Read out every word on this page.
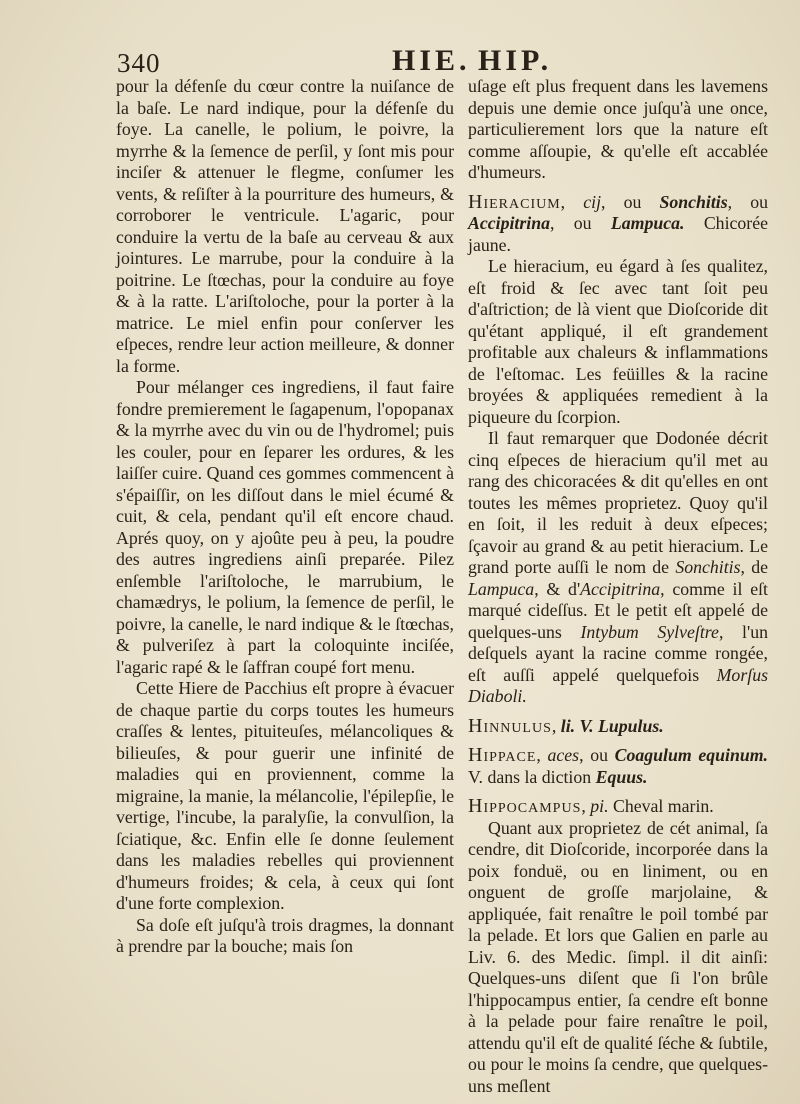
340	HIE. HIP.

pour la défenſe du cœur contre la nuiſance de la baſe. Le nard indique, pour la défenſe du foye. La canelle, le polium, le poivre, la myrrhe & la ſemence de perſil, y ſont mis pour inciſer & attenuer le flegme, conſumer les vents, & reſiſter à la pourriture des humeurs, & corroborer le ventricule. L'agaric, pour conduire la vertu de la baſe au cerveau & aux jointures. Le marrube, pour la conduire à la poitrine. Le ſtœchas, pour la conduire au foye & à la ratte. L'ariſtoloche, pour la porter à la matrice. Le miel enfin pour conſerver les eſpeces, rendre leur action meilleure, & donner la forme.

Pour mélanger ces ingrediens, il faut faire fondre premierement le ſagapenum, l'opopanax & la myrrhe avec du vin ou de l'hydromel; puis les couler, pour en ſeparer les ordures, & les laiſſer cuire. Quand ces gommes commencent à s'épaiſſir, on les diſſout dans le miel écumé & cuit, & cela, pendant qu'il eſt encore chaud. Aprés quoy, on y ajoûte peu à peu, la poudre des autres ingrediens ainſi preparée. Pilez enſemble l'ariſtoloche, le marrubium, le chamædrys, le polium, la ſemence de perſil, le poivre, la canelle, le nard indique & le ſtœchas, & pulveriſez à part la coloquinte inciſée, l'agaric rapé & le ſaffran coupé fort menu.

Cette Hiere de Pacchius eſt propre à évacuer de chaque partie du corps toutes les humeurs craſſes & lentes, pituiteuſes, mélancoliques & bilieuſes, & pour guerir une infinité de maladies qui en proviennent, comme la migraine, la manie, la mélancolie, l'épilepſie, le vertige, l'incube, la paralyſie, la convulſion, la ſciatique, &c. Enfin elle ſe donne ſeulement dans les maladies rebelles qui proviennent d'humeurs froides; & cela, à ceux qui ſont d'une forte complexion.

Sa doſe eſt juſqu'à trois dragmes, la donnant à prendre par la bouche; mais ſon

uſage eſt plus frequent dans les lavemens depuis une demie once juſqu'à une once, particulierement lors que la nature eſt comme aſſoupie, & qu'elle eſt accablée d'humeurs.

Hieracium, cij, ou Sonchitis, ou Accipitrina, ou Lampuca. Chicorée jaune.

Le hieracium, eu égard à ſes qualitez, eſt froid & ſec avec tant ſoit peu d'aſtriction; de là vient que Dioſcoride dit qu'étant appliqué, il eſt grandement profitable aux chaleurs & inflammations de l'eſtomac. Les feüilles & la racine broyées & appliquées remedient à la piqueure du ſcorpion.

Il faut remarquer que Dodonée décrit cinq eſpeces de hieracium qu'il met au rang des chicoracées & dit qu'elles en ont toutes les mêmes proprietez. Quoy qu'il en ſoit, il les reduit à deux eſpeces; ſçavoir au grand & au petit hieracium. Le grand porte auſſi le nom de Sonchitis, de Lampuca, & d'Accipitrina, comme il eſt marqué cideſſus. Et le petit eſt appelé de quelques-uns Intybum Sylveſtre, l'un deſquels ayant la racine comme rongée, eſt auſſi appelé quelquefois Morſus Diaboli.

Hinnulus, li. V. Lupulus.

Hippace, aces, ou Coagulum equinum. V. dans la diction Equus.

Hippocampus, pi. Cheval marin.

Quant aux proprietez de cét animal, ſa cendre, dit Dioſcoride, incorporée dans la poix fonduë, ou en liniment, ou en onguent de groſſe marjolaine, & appliquée, fait renaître le poil tombé par la pelade. Et lors que Galien en parle au Liv. 6. des Medic. ſimpl. il dit ainſi: Quelques-uns diſent que ſi l'on brûle l'hippocampus entier, ſa cendre eſt bonne à la pelade pour faire renaître le poil, attendu qu'il eſt de qualité ſéche & ſubtile, ou pour le moins ſa cendre, que quelques-uns meſlent
